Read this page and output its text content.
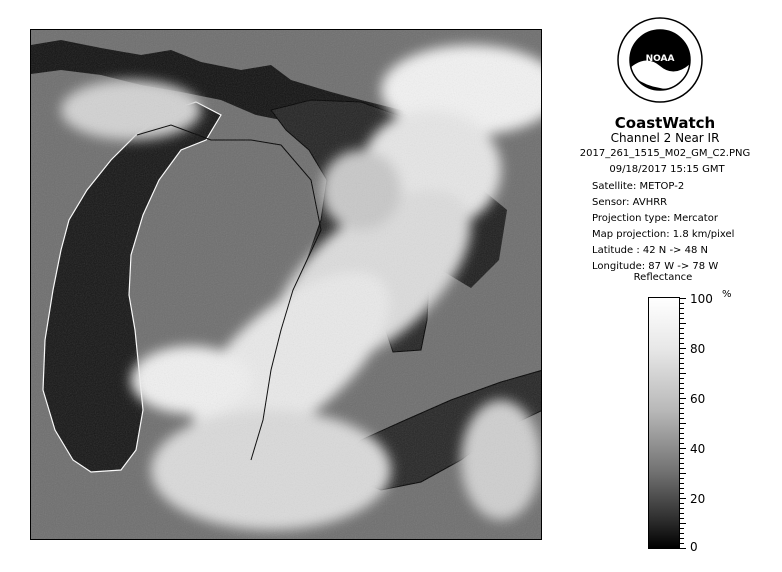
NOAA
CoastWatch
Channel 2 Near IR
2017_261_1515_M02_GM_C2.PNG
09/18/2017 15:15 GMT
Satellite: METOP-2
Sensor: AVHRR
Projection type: Mercator
Map projection: 1.8 km/pixel
Latitude : 42 N -> 48 N
Longitude: 87 W -> 78 W
Reflectance
%
100
80
60
40
20
0
